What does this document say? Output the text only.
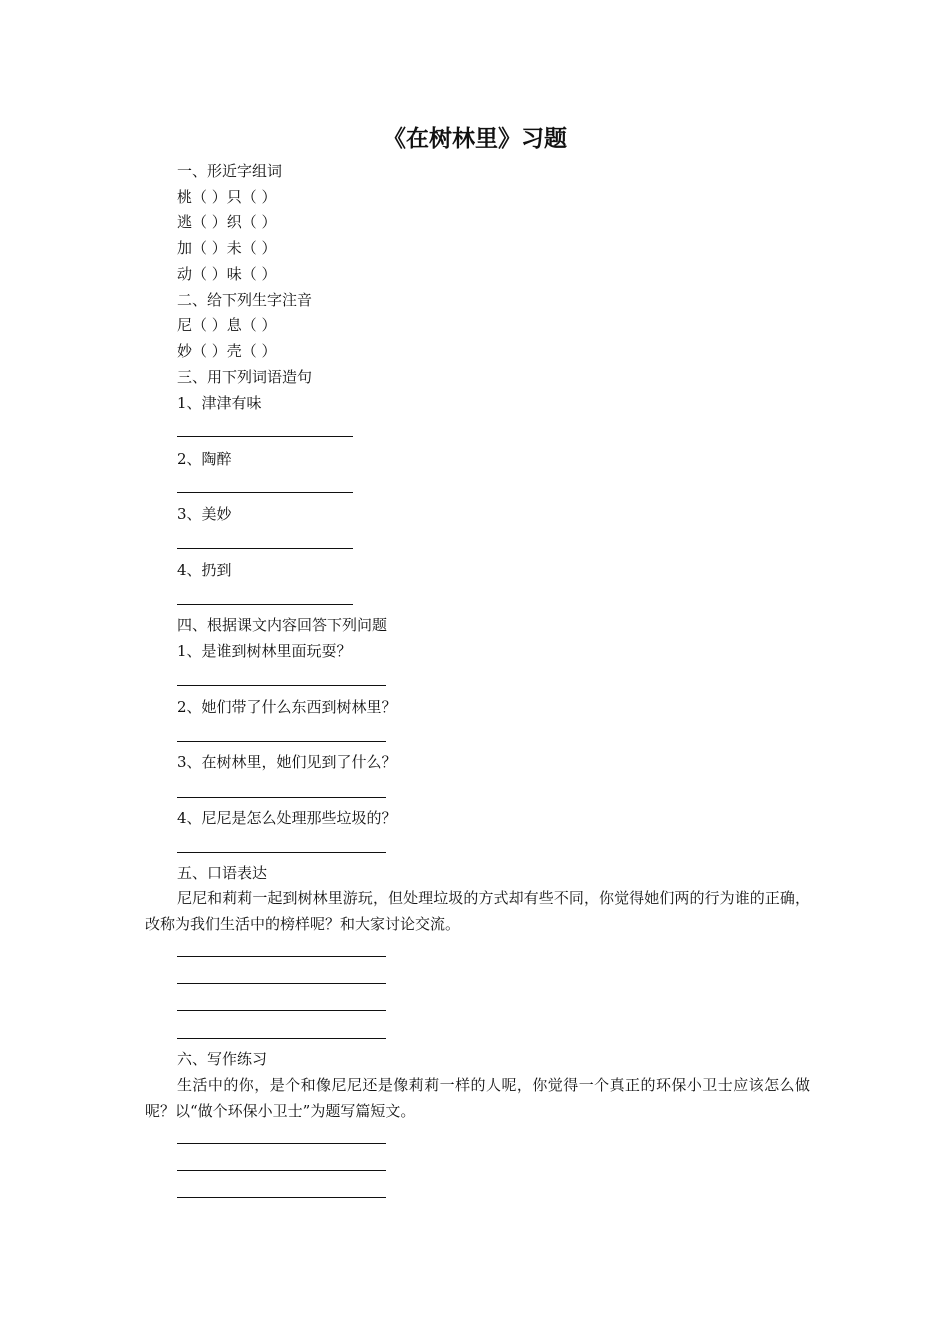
《在树林里》习题
一、形近字组词
桃（ ）只（ ）
逃（ ）织（ ）
加（ ）未（ ）
动（ ）味（ ）
二、给下列生字注音
尼（ ）息（ ）
妙（ ）壳（ ）
三、用下列词语造句
1、津津有味
2、陶醉
3、美妙
4、扔到
四、根据课文内容回答下列问题
1、是谁到树林里面玩耍？
2、她们带了什么东西到树林里？
3、在树林里，她们见到了什么？
4、尼尼是怎么处理那些垃圾的？
五、口语表达
尼尼和莉莉一起到树林里游玩，但处理垃圾的方式却有些不同，你觉得她们两的行为谁的正确，改称为我们生活中的榜样呢？和大家讨论交流。
六、写作练习
生活中的你，是个和像尼尼还是像莉莉一样的人呢，你觉得一个真正的环保小卫士应该怎么做呢？以“做个环保小卫士”为题写篇短文。
